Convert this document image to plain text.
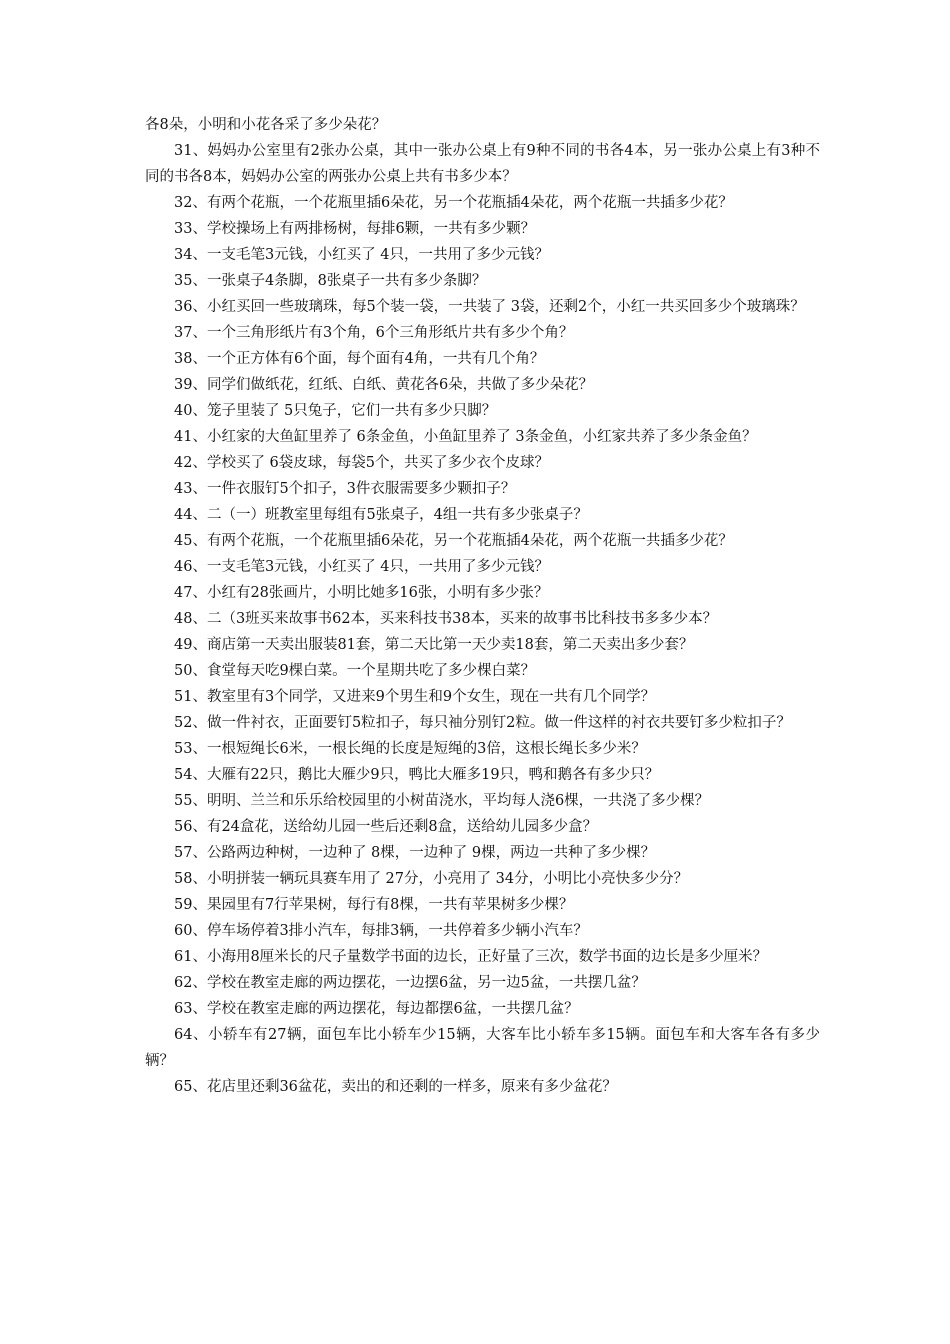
各8朵，小明和小花各采了多少朵花？

31、妈妈办公室里有2张办公桌，其中一张办公桌上有9种不同的书各4本，另一张办公桌上有3种不同的书各8本，妈妈办公室的两张办公桌上共有书多少本？

32、有两个花瓶，一个花瓶里插6朵花，另一个花瓶插4朵花，两个花瓶一共插多少花？

33、学校操场上有两排杨树，每排6颗，一共有多少颗？

34、一支毛笔3元钱，小红买了 4只，一共用了多少元钱？

35、一张桌子4条脚，8张桌子一共有多少条脚？

36、小红买回一些玻璃珠，每5个装一袋，一共装了 3袋，还剩2个，小红一共买回多少个玻璃珠？

37、一个三角形纸片有3个角，6个三角形纸片共有多少个角？

38、一个正方体有6个面，每个面有4角，一共有几个角？

39、同学们做纸花，红纸、白纸、黄花各6朵，共做了多少朵花？

40、笼子里装了 5只兔子，它们一共有多少只脚？

41、小红家的大鱼缸里养了 6条金鱼，小鱼缸里养了 3条金鱼，小红家共养了多少条金鱼？

42、学校买了 6袋皮球，每袋5个，共买了多少衣个皮球？

43、一件衣服钉5个扣子，3件衣服需要多少颗扣子？

44、二（一）班教室里每组有5张桌子，4组一共有多少张桌子？

45、有两个花瓶，一个花瓶里插6朵花，另一个花瓶插4朵花，两个花瓶一共插多少花？

46、一支毛笔3元钱，小红买了 4只，一共用了多少元钱？

47、小红有28张画片，小明比她多16张，小明有多少张？

48、二（3班买来故事书62本，买来科技书38本，买来的故事书比科技书多多少本？

49、商店第一天卖出服装81套，第二天比第一天少卖18套，第二天卖出多少套？

50、食堂每天吃9棵白菜。一个星期共吃了多少棵白菜？

51、教室里有3个同学，又进来9个男生和9个女生，现在一共有几个同学？

52、做一件衬衣，正面要钉5粒扣子，每只袖分别钉2粒。做一件这样的衬衣共要钉多少粒扣子？

53、一根短绳长6米，一根长绳的长度是短绳的3倍，这根长绳长多少米？

54、大雁有22只，鹅比大雁少9只，鸭比大雁多19只，鸭和鹅各有多少只？

55、明明、兰兰和乐乐给校园里的小树苗浇水，平均每人浇6棵，一共浇了多少棵？

56、有24盒花，送给幼儿园一些后还剩8盒，送给幼儿园多少盒？

57、公路两边种树，一边种了 8棵，一边种了 9棵，两边一共种了多少棵？

58、小明拼装一辆玩具赛车用了 27分，小亮用了 34分，小明比小亮快多少分？

59、果园里有7行苹果树，每行有8棵，一共有苹果树多少棵？

60、停车场停着3排小汽车，每排3辆，一共停着多少辆小汽车？

61、小海用8厘米长的尺子量数学书面的边长，正好量了三次，数学书面的边长是多少厘米？

62、学校在教室走廊的两边摆花，一边摆6盆，另一边5盆，一共摆几盆？

63、学校在教室走廊的两边摆花，每边都摆6盆，一共摆几盆？

64、小轿车有27辆，面包车比小轿车少15辆，大客车比小轿车多15辆。面包车和大客车各有多少辆？

65、花店里还剩36盆花，卖出的和还剩的一样多，原来有多少盆花？
